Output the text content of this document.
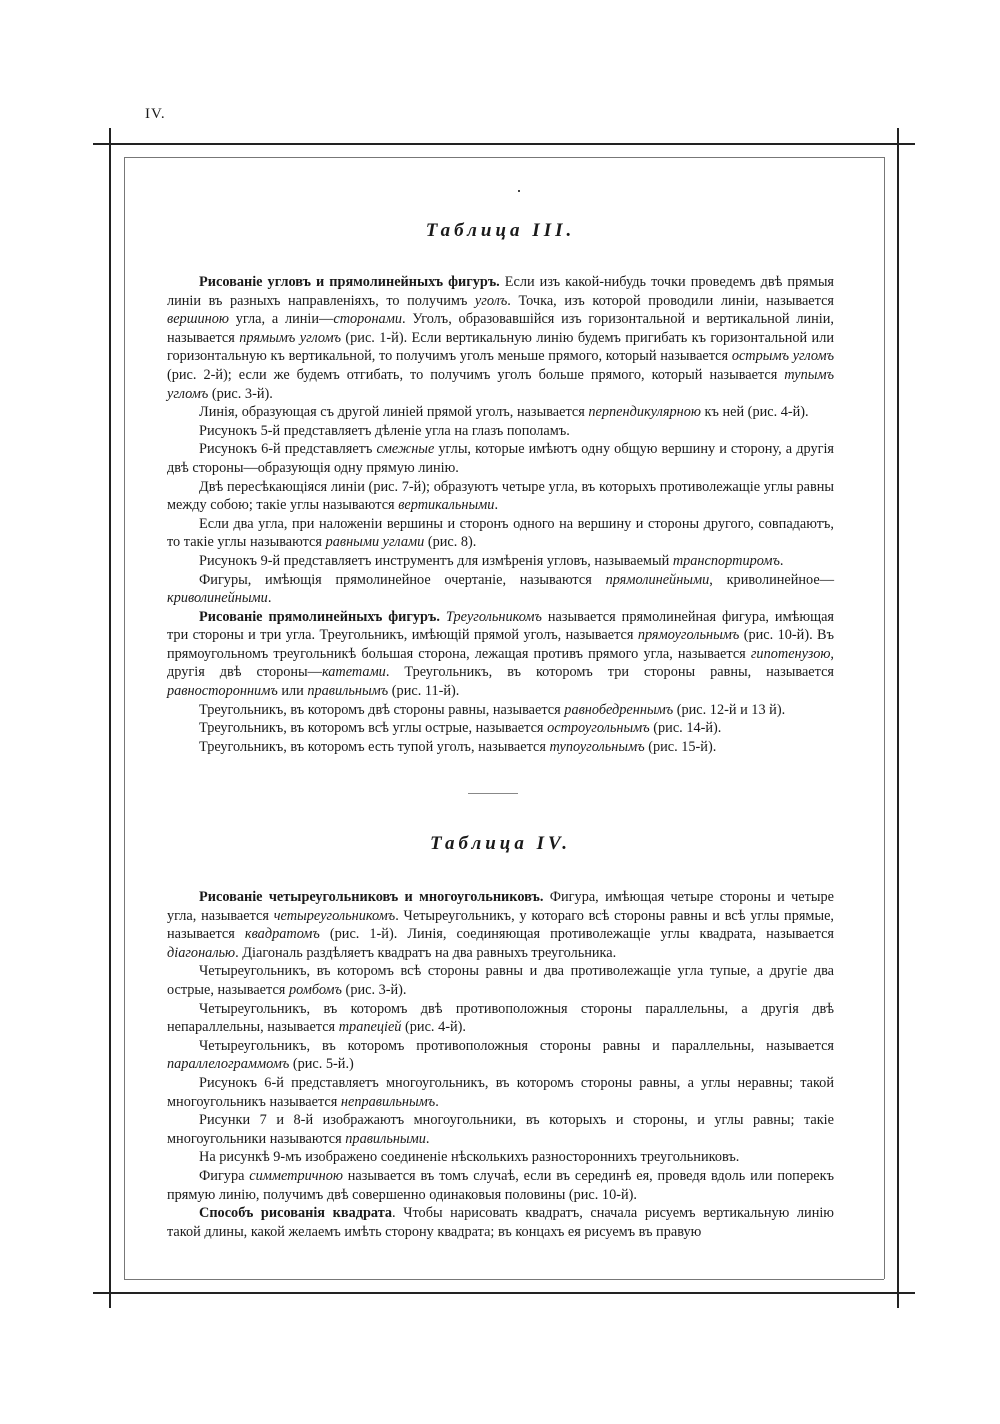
IV.
Таблица III.

Рисованіе угловъ и прямолинейныхъ фигуръ. Если изъ какой-нибудь точки проведемъ двѣ прямыя линіи въ разныхъ направленіяхъ, то получимъ уголъ. Точка, изъ которой проводили линіи, называется вершиною угла, а линіи—сторонами. Уголъ, образовавшійся изъ горизонтальной и вертикальной линіи, называется прямымъ угломъ (рис. 1-й). Если вертикальную линію будемъ пригибать къ горизонтальной или горизонтальную къ вертикальной, то получимъ уголъ меньше прямого, который называется острымъ угломъ (рис. 2-й); если же будемъ отгибать, то получимъ уголъ больше прямого, который называется тупымъ угломъ (рис. 3-й).

Линія, образующая съ другой линіей прямой уголъ, называется перпендикулярною къ ней (рис. 4-й).

Рисунокъ 5-й представляетъ дѣленіе угла на глазъ пополамъ.

Рисунокъ 6-й представляетъ смежные углы, которые имѣютъ одну общую вершину и сторону, а другія двѣ стороны—образующія одну прямую линію.

Двѣ пересѣкающіяся линіи (рис. 7-й); образуютъ четыре угла, въ которыхъ противолежащіе углы равны между собою; такіе углы называются вертикальными.

Если два угла, при наложеніи вершины и сторонъ одного на вершину и стороны другого, совпадаютъ, то такіе углы называются равными углами (рис. 8).

Рисунокъ 9-й представляетъ инструментъ для измѣренія угловъ, называемый транспортиромъ.

Фигуры, имѣющія прямолинейное очертаніе, называются прямолинейными, криволинейное—криволинейными.

Рисованіе прямолинейныхъ фигуръ. Треугольникомъ называется прямолинейная фигура, имѣющая три стороны и три угла. Треугольникъ, имѣющій прямой уголъ, называется прямоугольнымъ (рис. 10-й). Въ прямоугольномъ треугольникѣ большая сторона, лежащая противъ прямого угла, называется гипотенузою, другія двѣ стороны—катетами. Треугольникъ, въ которомъ три стороны равны, называется равностороннимъ или правильнымъ (рис. 11-й).

Треугольникъ, въ которомъ двѣ стороны равны, называется равнобедреннымъ (рис. 12-й и 13 й).

Треугольникъ, въ которомъ всѣ углы острые, называется остроугольнымъ (рис. 14-й).

Треугольникъ, въ которомъ есть тупой уголъ, называется тупоугольнымъ (рис. 15-й).

Таблица IV.

Рисованіе четыреугольниковъ и многоугольниковъ. Фигура, имѣющая четыре стороны и четыре угла, называется четыреугольникомъ. Четыреугольникъ, у котораго всѣ стороны равны и всѣ углы прямые, называется квадратомъ (рис. 1-й). Линія, соединяющая противолежащіе углы квадрата, называется діагональю. Діагональ раздѣляетъ квадратъ на два равныхъ треугольника.

Четыреугольникъ, въ которомъ всѣ стороны равны и два противолежащіе угла тупые, а другіе два острые, называется ромбомъ (рис. 3-й).

Четыреугольникъ, въ которомъ двѣ противоположныя стороны параллельны, а другія двѣ непараллельны, называется трапеціей (рис. 4-й).

Четыреугольникъ, въ которомъ противоположныя стороны равны и параллельны, называется параллелограммомъ (рис. 5-й.)

Рисунокъ 6-й представляетъ многоугольникъ, въ которомъ стороны равны, а углы неравны; такой многоугольникъ называется неправильнымъ.

Рисунки 7 и 8-й изображаютъ многоугольники, въ которыхъ и стороны, и углы равны; такіе многоугольники называются правильными.

На рисункѣ 9-мъ изображено соединеніе нѣсколькихъ разностороннихъ треугольниковъ.

Фигура симметричною называется въ томъ случаѣ, если въ серединѣ ея, проведя вдоль или поперекъ прямую линію, получимъ двѣ совершенно одинаковыя половины (рис. 10-й).

Способъ рисованія квадрата. Чтобы нарисовать квадратъ, сначала рисуемъ вертикальную линію такой длины, какой желаемъ имѣть сторону квадрата; въ концахъ ея рисуемъ въ правую
